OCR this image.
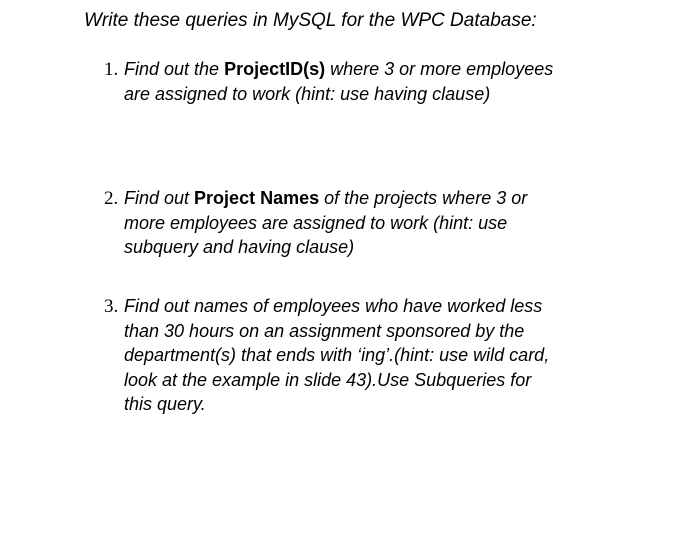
Write these queries in MySQL for the WPC Database:
1. Find out the ProjectID(s) where 3 or more employees
are assigned to work (hint: use having clause)

2. Find out Project Names of the projects where 3 or
more employees are assigned to work (hint: use
subquery and having clause)

3. Find out names of employees who have worked less
than 30 hours on an assignment sponsored by the
department(s) that ends with ‘ing’.(hint: use wild card,
look at the example in slide 43).Use Subqueries for
this query.
